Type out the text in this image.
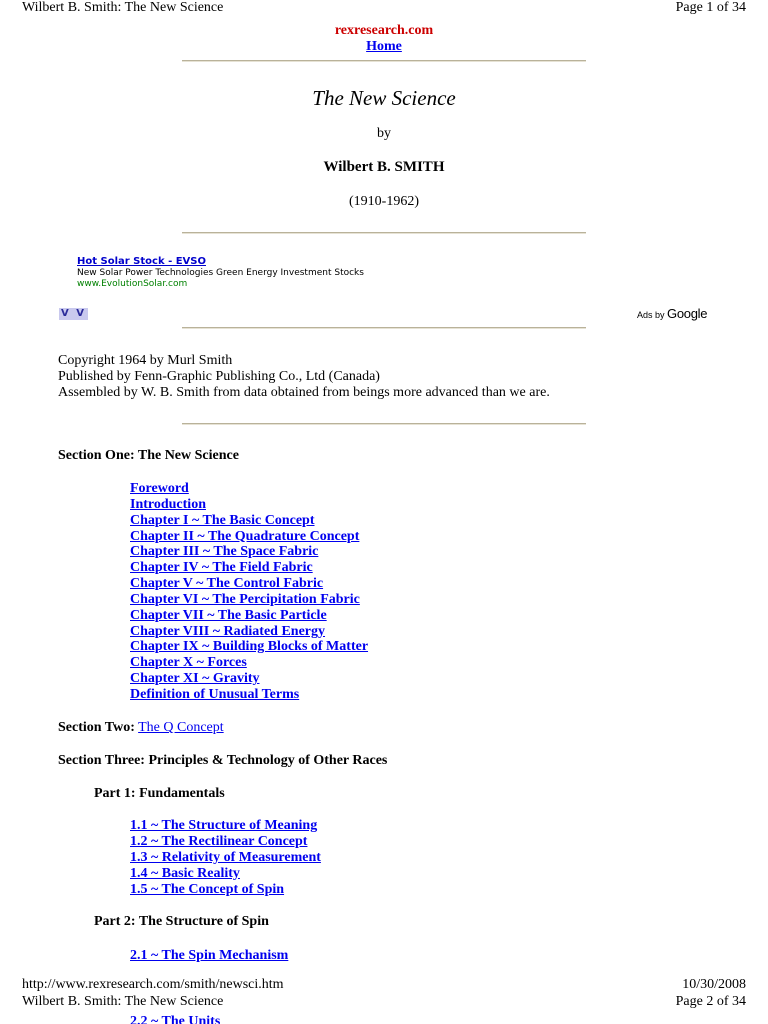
Wilbert B. Smith: The New Science	Page 1 of 34
rexresearch.com
Home
The New Science
by
Wilbert B. SMITH
(1910-1962)
Hot Solar Stock - EVSO
New Solar Power Technologies Green Energy Investment Stocks
www.EvolutionSolar.com
V V	Ads by Google
Copyright 1964 by Murl Smith
Published by Fenn-Graphic Publishing Co., Ltd (Canada)
Assembled by W. B. Smith from data obtained from beings more advanced than we are.
Section One: The New Science
Foreword
Introduction
Chapter I ~ The Basic Concept
Chapter II ~ The Quadrature Concept
Chapter III ~ The Space Fabric
Chapter IV ~ The Field Fabric
Chapter V ~ The Control Fabric
Chapter VI ~ The Percipitation Fabric
Chapter VII ~ The Basic Particle
Chapter VIII ~ Radiated Energy
Chapter IX ~ Building Blocks of Matter
Chapter X ~ Forces
Chapter XI ~ Gravity
Definition of Unusual Terms
Section Two: The Q Concept
Section Three: Principles & Technology of Other Races
Part 1: Fundamentals
1.1 ~ The Structure of Meaning
1.2 ~ The Rectilinear Concept
1.3 ~ Relativity of Measurement
1.4 ~ Basic Reality
1.5 ~ The Concept of Spin
Part 2: The Structure of Spin
2.1 ~ The Spin Mechanism
http://www.rexresearch.com/smith/newsci.htm	10/30/2008
Wilbert B. Smith: The New Science	Page 2 of 34
2.2 ~ The Units
